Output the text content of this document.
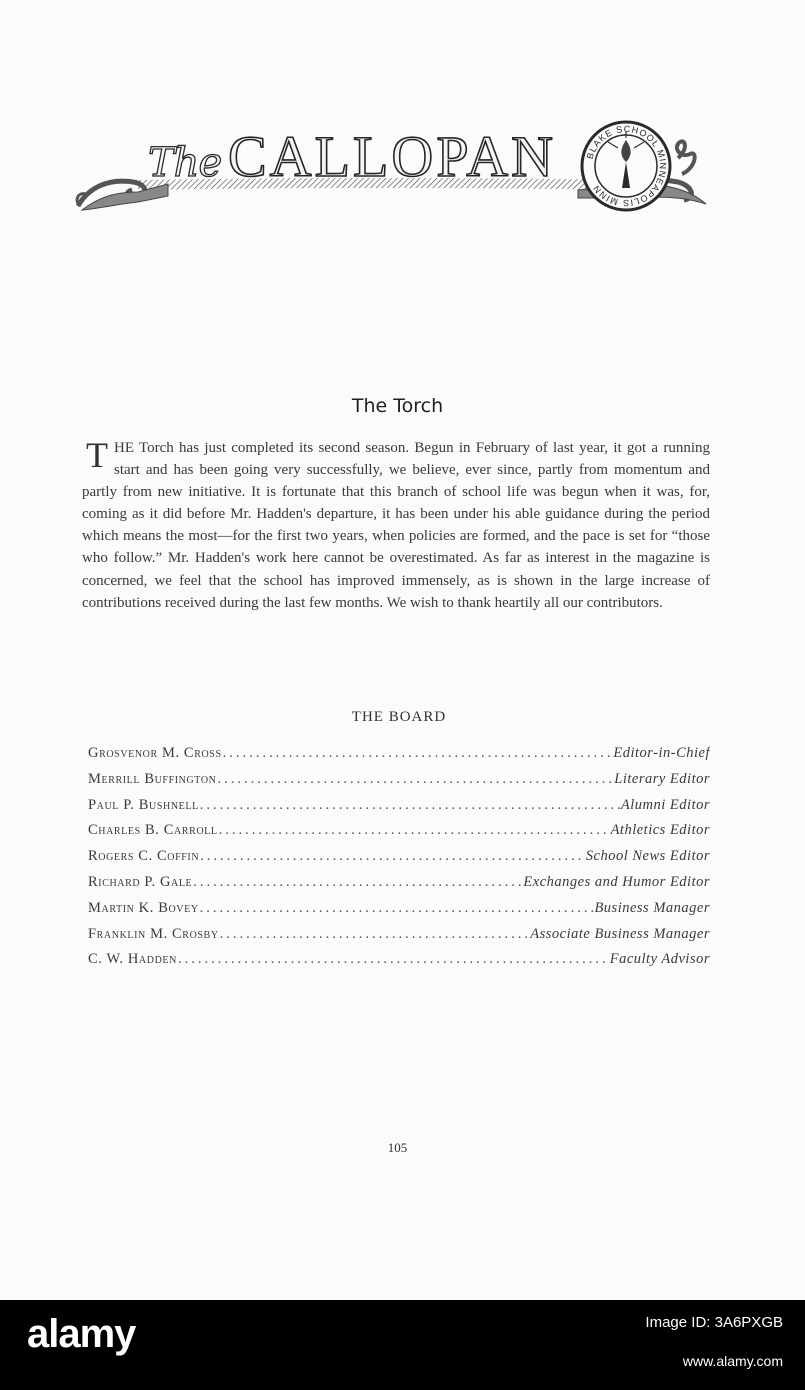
The CALLOPAN	BLAKE SCHOOL MINNEAPOLIS MINN
The Torch

THE Torch has just completed its second season. Begun in February of last year, it got a running start and has been going very successfully, we believe, ever since, partly from momentum and partly from new initiative. It is fortunate that this branch of school life was begun when it was, for, coming as it did before Mr. Hadden's departure, it has been under his able guidance during the period which means the most—for the first two years, when policies are formed, and the pace is set for “those who follow.” Mr. Hadden's work here cannot be overestimated. As far as interest in the magazine is concerned, we feel that the school has improved immensely, as is shown in the large increase of contributions received during the last few months. We wish to thank heartily all our contributors.

THE BOARD
Grosvenor M. Cross .....	Editor-in-Chief
Merrill Buffington .....	Literary Editor
Paul P. Bushnell .....	Alumni Editor
Charles B. Carroll .....	Athletics Editor
Rogers C. Coffin .....	School News Editor
Richard P. Gale .....	Exchanges and Humor Editor
Martin K. Bovey .....	Business Manager
Franklin M. Crosby .....	Associate Business Manager
C. W. Hadden .....	Faculty Advisor
105
alamy	Image ID: 3A6PXGB
www.alamy.com
